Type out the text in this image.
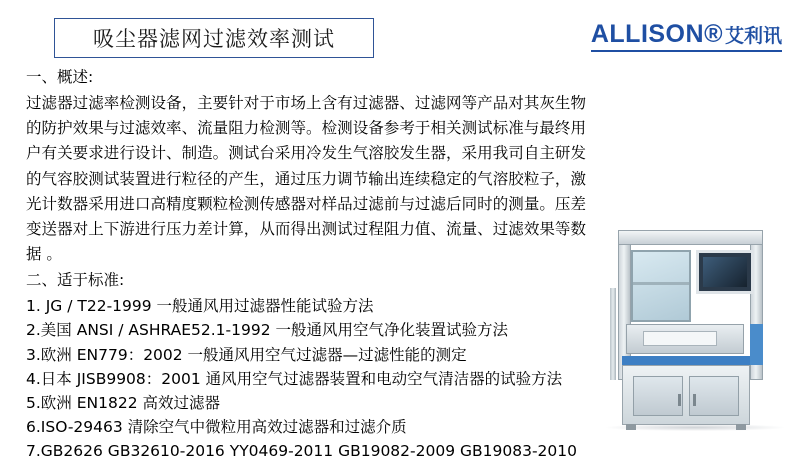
吸尘器滤网过滤效率测试	ALLISON® 艾利讯

一、概述:

过滤器过滤率检测设备，主要针对于市场上含有过滤器、过滤网等产品对其灰生物的防护效果与过滤效率、流量阻力检测等。检测设备参考于相关测试标准与最终用户有关要求进行设计、制造。测试台采用冷发生气溶胶发生器，采用我司自主研发的气容胶测试装置进行粒径的产生，通过压力调节输出连续稳定的气溶胶粒子，激光计数器采用进口高精度颗粒检测传感器对样品过滤前与过滤后同时的测量。压差变送器对上下游进行压力差计算，从而得出测试过程阻力值、流量、过滤效果等数据 。

二、适于标准:

1. JG / T22-1999 一般通风用过滤器性能试验方法
2.美国 ANSI / ASHRAE52.1-1992 一般通风用空气净化装置试验方法
3.欧洲 EN779：2002 一般通风用空气过滤器—过滤性能的测定
4.日本 JISB9908：2001 通风用空气过滤器装置和电动空气清洁器的试验方法
5.欧洲 EN1822 高效过滤器
6.ISO-29463 清除空气中微粒用高效过滤器和过滤介质
7.GB2626 GB32610-2016 YY0469-2011 GB19082-2009 GB19083-2010
